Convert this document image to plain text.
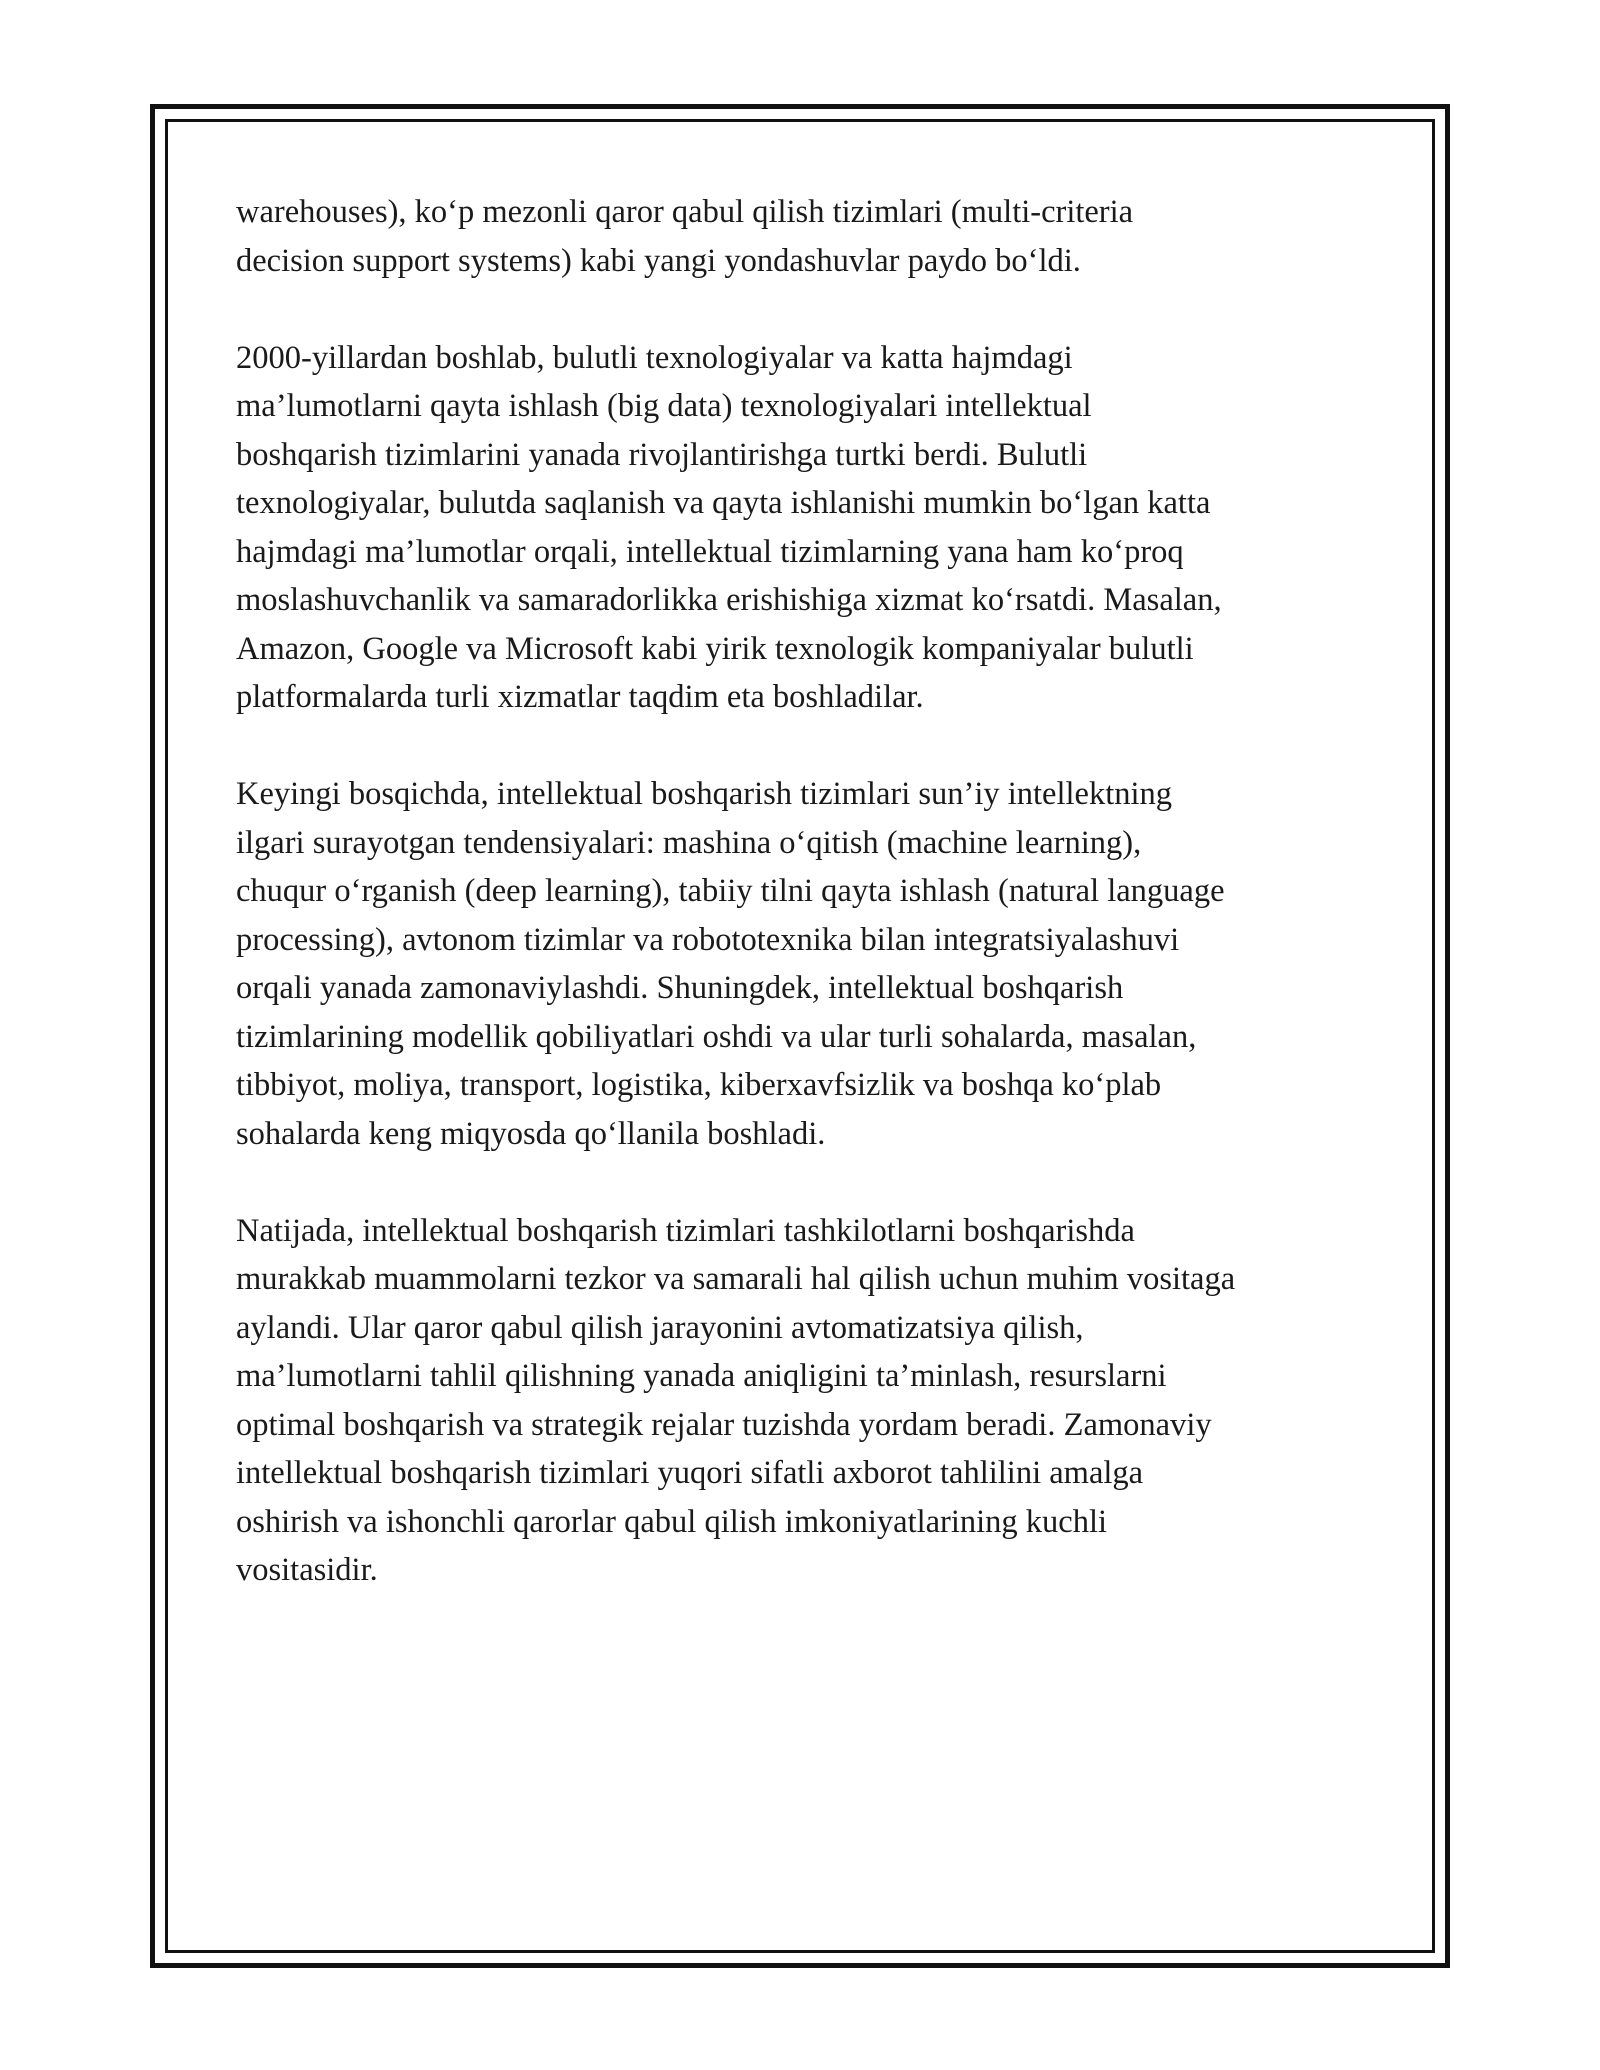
warehouses), ko‘p mezonli qaror qabul qilish tizimlari (multi-criteria
decision support systems) kabi yangi yondashuvlar paydo bo‘ldi.

2000-yillardan boshlab, bulutli texnologiyalar va katta hajmdagi
ma’lumotlarni qayta ishlash (big data) texnologiyalari intellektual
boshqarish tizimlarini yanada rivojlantirishga turtki berdi. Bulutli
texnologiyalar, bulutda saqlanish va qayta ishlanishi mumkin bo‘lgan katta
hajmdagi ma’lumotlar orqali, intellektual tizimlarning yana ham ko‘proq
moslashuvchanlik va samaradorlikka erishishiga xizmat ko‘rsatdi. Masalan,
Amazon, Google va Microsoft kabi yirik texnologik kompaniyalar bulutli
platformalarda turli xizmatlar taqdim eta boshladilar.

Keyingi bosqichda, intellektual boshqarish tizimlari sun’iy intellektning
ilgari surayotgan tendensiyalari: mashina o‘qitish (machine learning),
chuqur o‘rganish (deep learning), tabiiy tilni qayta ishlash (natural language
processing), avtonom tizimlar va robototexnika bilan integratsiyalashuvi
orqali yanada zamonaviylashdi. Shuningdek, intellektual boshqarish
tizimlarining modellik qobiliyatlari oshdi va ular turli sohalarda, masalan,
tibbiyot, moliya, transport, logistika, kiberxavfsizlik va boshqa ko‘plab
sohalarda keng miqyosda qo‘llanila boshladi.

Natijada, intellektual boshqarish tizimlari tashkilotlarni boshqarishda
murakkab muammolarni tezkor va samarali hal qilish uchun muhim vositaga
aylandi. Ular qaror qabul qilish jarayonini avtomatizatsiya qilish,
ma’lumotlarni tahlil qilishning yanada aniqligini ta’minlash, resurslarni
optimal boshqarish va strategik rejalar tuzishda yordam beradi. Zamonaviy
intellektual boshqarish tizimlari yuqori sifatli axborot tahlilini amalga
oshirish va ishonchli qarorlar qabul qilish imkoniyatlarining kuchli
vositasidir.
